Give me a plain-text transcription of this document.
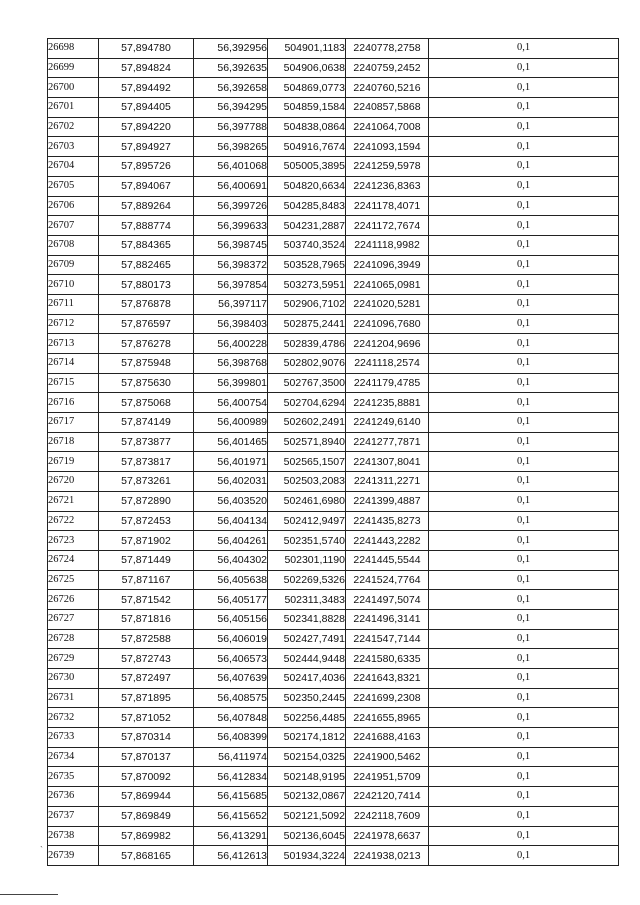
26698	57,894780	56,392956	504901,1183	2240778,2758	0,1
26699	57,894824	56,392635	504906,0638	2240759,2452	0,1
26700	57,894492	56,392658	504869,0773	2240760,5216	0,1
26701	57,894405	56,394295	504859,1584	2240857,5868	0,1
26702	57,894220	56,397788	504838,0864	2241064,7008	0,1
26703	57,894927	56,398265	504916,7674	2241093,1594	0,1
26704	57,895726	56,401068	505005,3895	2241259,5978	0,1
26705	57,894067	56,400691	504820,6634	2241236,8363	0,1
26706	57,889264	56,399726	504285,8483	2241178,4071	0,1
26707	57,888774	56,399633	504231,2887	2241172,7674	0,1
26708	57,884365	56,398745	503740,3524	2241118,9982	0,1
26709	57,882465	56,398372	503528,7965	2241096,3949	0,1
26710	57,880173	56,397854	503273,5951	2241065,0981	0,1
26711	57,876878	56,397117	502906,7102	2241020,5281	0,1
26712	57,876597	56,398403	502875,2441	2241096,7680	0,1
26713	57,876278	56,400228	502839,4786	2241204,9696	0,1
26714	57,875948	56,398768	502802,9076	2241118,2574	0,1
26715	57,875630	56,399801	502767,3500	2241179,4785	0,1
26716	57,875068	56,400754	502704,6294	2241235,8881	0,1
26717	57,874149	56,400989	502602,2491	2241249,6140	0,1
26718	57,873877	56,401465	502571,8940	2241277,7871	0,1
26719	57,873817	56,401971	502565,1507	2241307,8041	0,1
26720	57,873261	56,402031	502503,2083	2241311,2271	0,1
26721	57,872890	56,403520	502461,6980	2241399,4887	0,1
26722	57,872453	56,404134	502412,9497	2241435,8273	0,1
26723	57,871902	56,404261	502351,5740	2241443,2282	0,1
26724	57,871449	56,404302	502301,1190	2241445,5544	0,1
26725	57,871167	56,405638	502269,5326	2241524,7764	0,1
26726	57,871542	56,405177	502311,3483	2241497,5074	0,1
26727	57,871816	56,405156	502341,8828	2241496,3141	0,1
26728	57,872588	56,406019	502427,7491	2241547,7144	0,1
26729	57,872743	56,406573	502444,9448	2241580,6335	0,1
26730	57,872497	56,407639	502417,4036	2241643,8321	0,1
26731	57,871895	56,408575	502350,2445	2241699,2308	0,1
26732	57,871052	56,407848	502256,4485	2241655,8965	0,1
26733	57,870314	56,408399	502174,1812	2241688,4163	0,1
26734	57,870137	56,411974	502154,0325	2241900,5462	0,1
26735	57,870092	56,412834	502148,9195	2241951,5709	0,1
26736	57,869944	56,415685	502132,0867	2242120,7414	0,1
26737	57,869849	56,415652	502121,5092	2242118,7609	0,1
26738	57,869982	56,413291	502136,6045	2241978,6637	0,1
26739	57,868165	56,412613	501934,3224	2241938,0213	0,1
`
